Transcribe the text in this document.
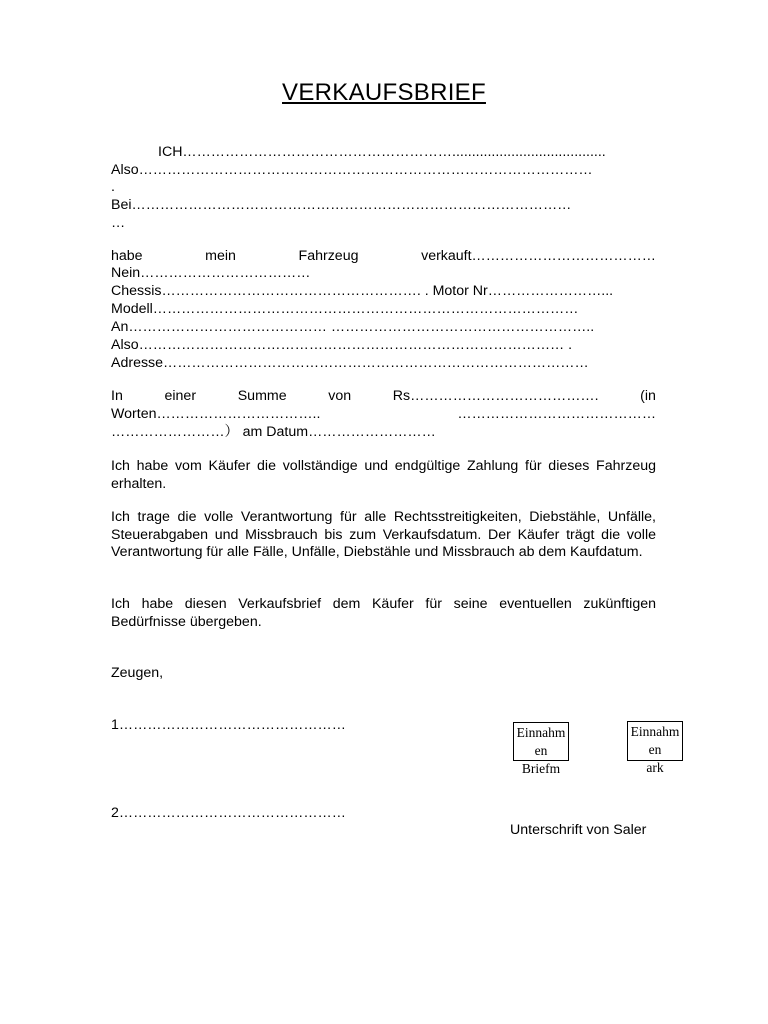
VERKAUFSBRIEF
ICH………………………………………………….......................................
Also……………………………………………………………………………………
.
Bei…………………………………………………………………………………
…
habe	mein	Fahrzeug	verkauft…………………………………
Nein………………………………
Chessis………………………………………………. . Motor Nr……………………...
Modell………………………………………………………………………………
An…………………………………… ………………………………………………..
Also……………………………………………………………………………… .
Adresse………………………………………………………………………………
In	einer	Summe	von	Rs………………………………….	(in
Worten……………………………..	……………………………………
……………………） am Datum………………………
Ich habe vom Käufer die vollständige und endgültige Zahlung für dieses Fahrzeug erhalten.
Ich trage die volle Verantwortung für alle Rechtsstreitigkeiten, Diebstähle, Unfälle, Steuerabgaben und Missbrauch bis zum Verkaufsdatum. Der Käufer trägt die volle Verantwortung für alle Fälle, Unfälle, Diebstähle und Missbrauch ab dem Kaufdatum.
Ich habe diesen Verkaufsbrief dem Käufer für seine eventuellen zukünftigen Bedürfnisse übergeben.
Zeugen,
1…………………………………………
2…………………………………………
Einnahm
en
Briefm
Einnahm
en
ark
Unterschrift von Saler
